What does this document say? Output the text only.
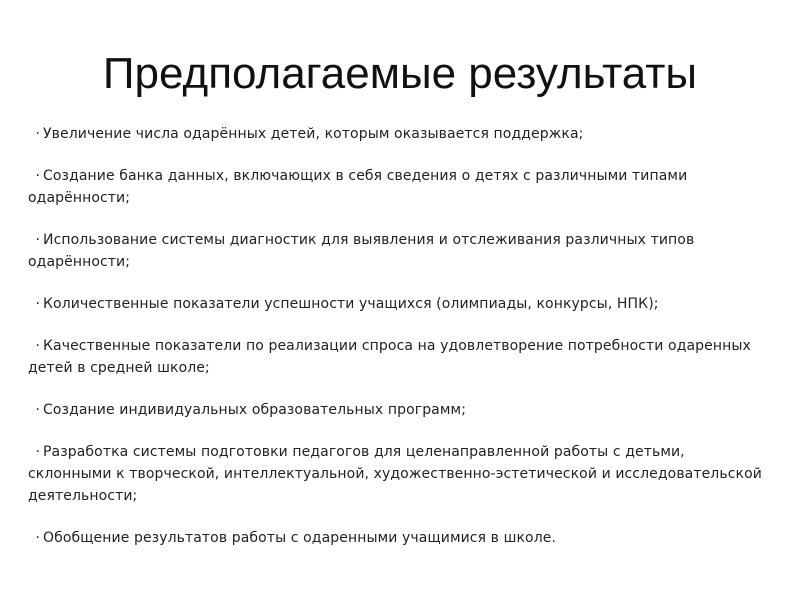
Предполагаемые результаты
· Увеличение числа одарённых детей, которым оказывается поддержка;
· Создание банка данных, включающих в себя сведения о детях с различными типами одарённости;
· Использование системы диагностик для выявления и отслеживания различных типов одарённости;
· Количественные показатели успешности учащихся (олимпиады, конкурсы, НПК);
· Качественные показатели по реализации спроса на удовлетворение потребности одаренных детей в средней школе;
· Создание индивидуальных образовательных программ;
· Разработка системы подготовки педагогов для целенаправленной работы с детьми, склонными к творческой, интеллектуальной, художественно-эстетической и исследовательской деятельности;
· Обобщение результатов работы с одаренными учащимися в школе.
